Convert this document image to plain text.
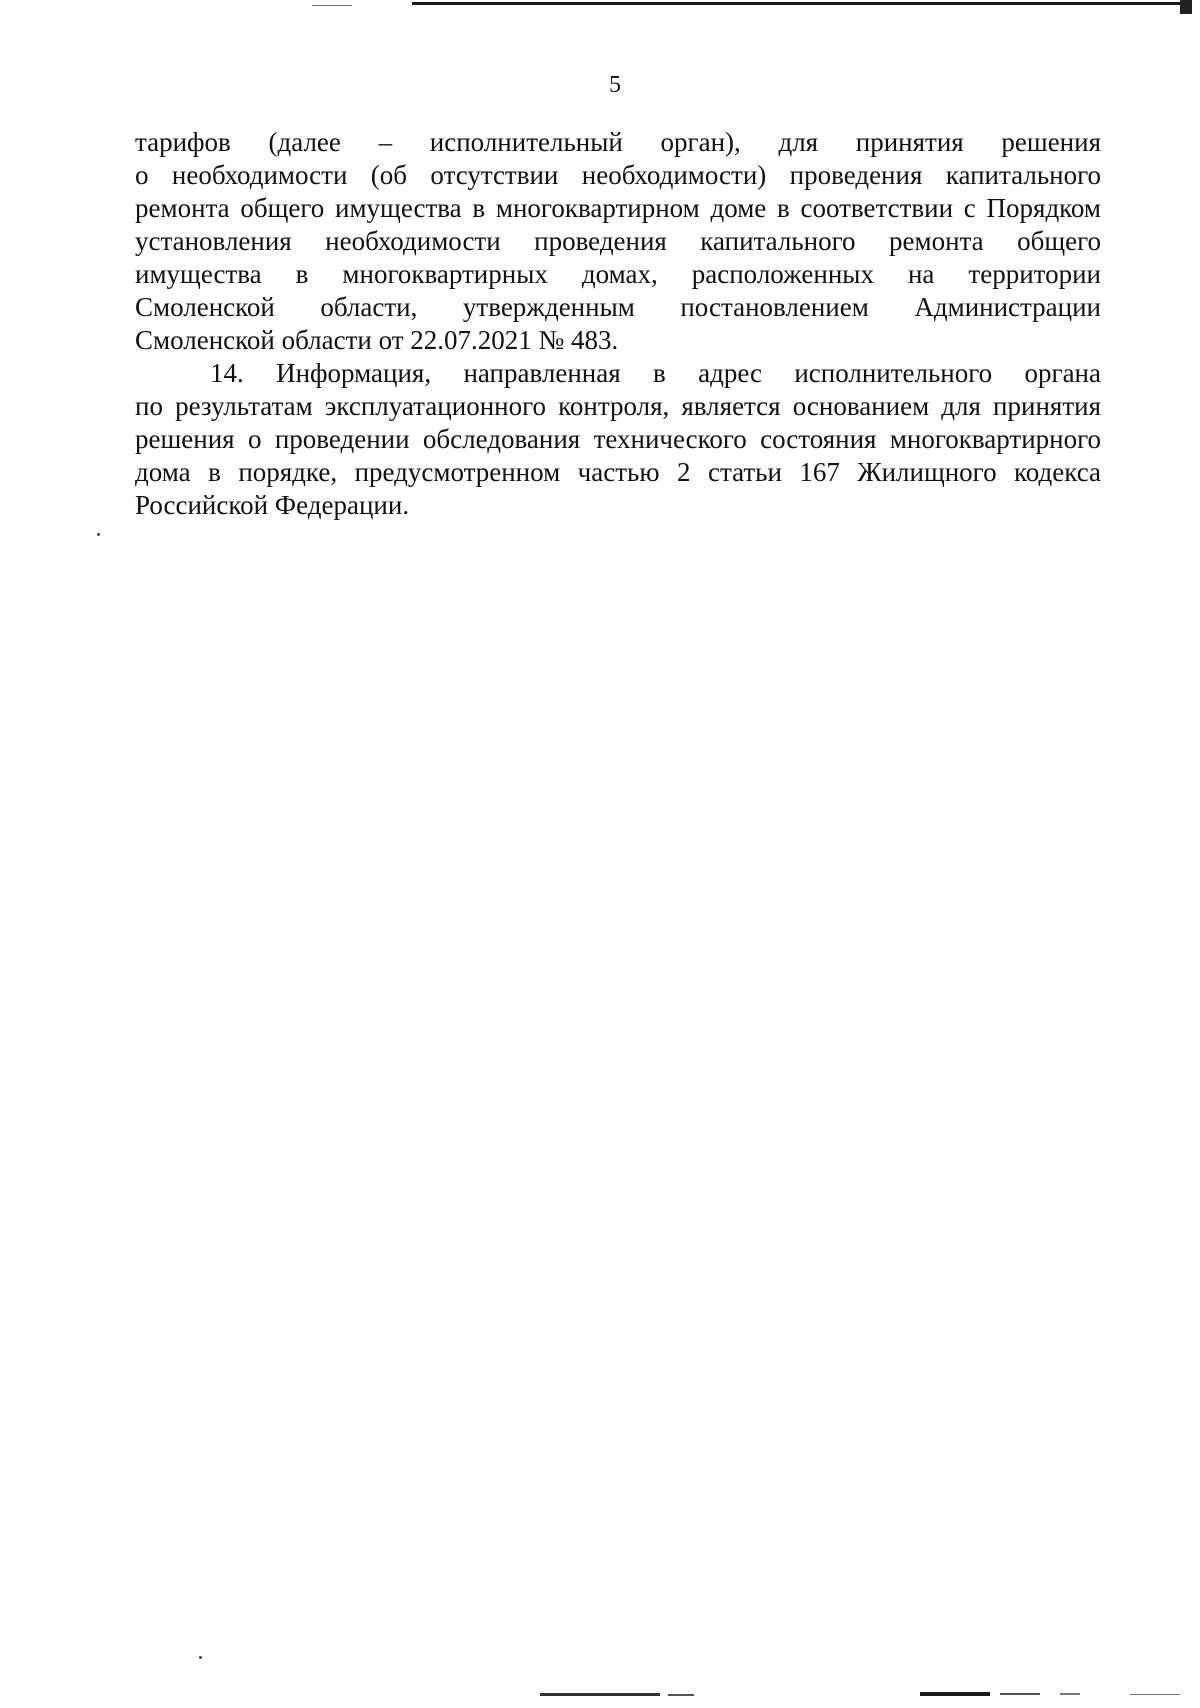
5
тарифов (далее – исполнительный орган), для принятия решения
о необходимости (об отсутствии необходимости) проведения капитального
ремонта общего имущества в многоквартирном доме в соответствии с Порядком
установления необходимости проведения капитального ремонта общего
имущества в многоквартирных домах, расположенных на территории
Смоленской области, утвержденным постановлением Администрации
Смоленской области от 22.07.2021 № 483.
14. Информация, направленная в адрес исполнительного органа
по результатам эксплуатационного контроля, является основанием для принятия
решения о проведении обследования технического состояния многоквартирного
дома в порядке, предусмотренном частью 2 статьи 167 Жилищного кодекса
Российской Федерации.
